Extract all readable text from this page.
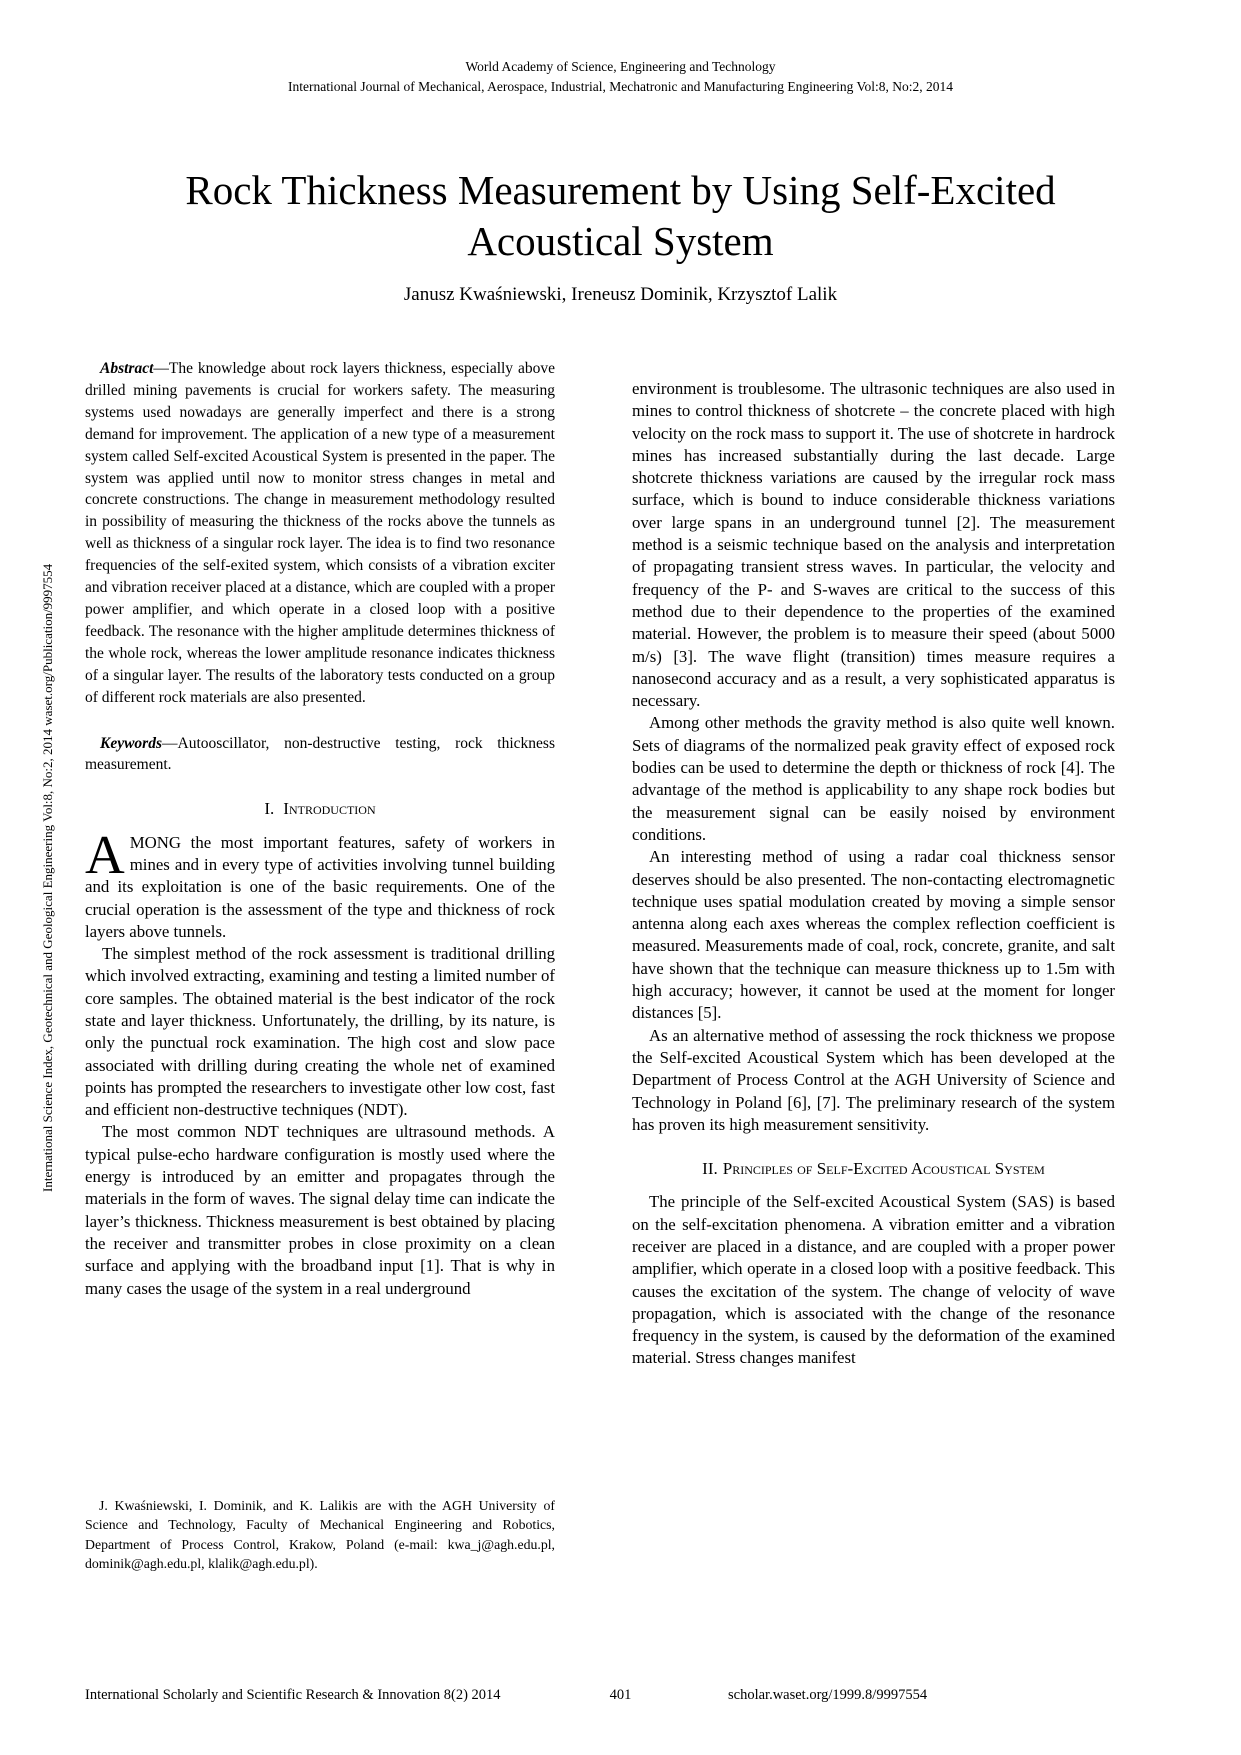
World Academy of Science, Engineering and Technology
International Journal of Mechanical, Aerospace, Industrial, Mechatronic and Manufacturing Engineering Vol:8, No:2, 2014
Rock Thickness Measurement by Using Self-Excited Acoustical System
Janusz Kwaśniewski, Ireneusz Dominik, Krzysztof Lalik

Abstract—The knowledge about rock layers thickness, especially above drilled mining pavements is crucial for workers safety. The measuring systems used nowadays are generally imperfect and there is a strong demand for improvement. The application of a new type of a measurement system called Self-excited Acoustical System is presented in the paper. The system was applied until now to monitor stress changes in metal and concrete constructions. The change in measurement methodology resulted in possibility of measuring the thickness of the rocks above the tunnels as well as thickness of a singular rock layer. The idea is to find two resonance frequencies of the self-exited system, which consists of a vibration exciter and vibration receiver placed at a distance, which are coupled with a proper power amplifier, and which operate in a closed loop with a positive feedback. The resonance with the higher amplitude determines thickness of the whole rock, whereas the lower amplitude resonance indicates thickness of a singular layer. The results of the laboratory tests conducted on a group of different rock materials are also presented.

Keywords—Autooscillator, non-destructive testing, rock thickness measurement.

I. Introduction

AMONG the most important features, safety of workers in mines and in every type of activities involving tunnel building and its exploitation is one of the basic requirements. One of the crucial operation is the assessment of the type and thickness of rock layers above tunnels.

The simplest method of the rock assessment is traditional drilling which involved extracting, examining and testing a limited number of core samples. The obtained material is the best indicator of the rock state and layer thickness. Unfortunately, the drilling, by its nature, is only the punctual rock examination. The high cost and slow pace associated with drilling during creating the whole net of examined points has prompted the researchers to investigate other low cost, fast and efficient non-destructive techniques (NDT).

The most common NDT techniques are ultrasound methods. A typical pulse-echo hardware configuration is mostly used where the energy is introduced by an emitter and propagates through the materials in the form of waves. The signal delay time can indicate the layer’s thickness. Thickness measurement is best obtained by placing the receiver and transmitter probes in close proximity on a clean surface and applying with the broadband input [1]. That is why in many cases the usage of the system in a real underground

J. Kwaśniewski, I. Dominik, and K. Lalikis are with the AGH University of Science and Technology, Faculty of Mechanical Engineering and Robotics, Department of Process Control, Krakow, Poland (e-mail: kwa_j@agh.edu.pl, dominik@agh.edu.pl, klalik@agh.edu.pl).

environment is troublesome. The ultrasonic techniques are also used in mines to control thickness of shotcrete – the concrete placed with high velocity on the rock mass to support it. The use of shotcrete in hardrock mines has increased substantially during the last decade. Large shotcrete thickness variations are caused by the irregular rock mass surface, which is bound to induce considerable thickness variations over large spans in an underground tunnel [2]. The measurement method is a seismic technique based on the analysis and interpretation of propagating transient stress waves. In particular, the velocity and frequency of the P- and S-waves are critical to the success of this method due to their dependence to the properties of the examined material. However, the problem is to measure their speed (about 5000 m/s) [3]. The wave flight (transition) times measure requires a nanosecond accuracy and as a result, a very sophisticated apparatus is necessary.

Among other methods the gravity method is also quite well known. Sets of diagrams of the normalized peak gravity effect of exposed rock bodies can be used to determine the depth or thickness of rock [4]. The advantage of the method is applicability to any shape rock bodies but the measurement signal can be easily noised by environment conditions.

An interesting method of using a radar coal thickness sensor deserves should be also presented. The non-contacting electromagnetic technique uses spatial modulation created by moving a simple sensor antenna along each axes whereas the complex reflection coefficient is measured. Measurements made of coal, rock, concrete, granite, and salt have shown that the technique can measure thickness up to 1.5m with high accuracy; however, it cannot be used at the moment for longer distances [5].

As an alternative method of assessing the rock thickness we propose the Self-excited Acoustical System which has been developed at the Department of Process Control at the AGH University of Science and Technology in Poland [6], [7]. The preliminary research of the system has proven its high measurement sensitivity.

II. Principles of Self-Excited Acoustical System

The principle of the Self-excited Acoustical System (SAS) is based on the self-excitation phenomena. A vibration emitter and a vibration receiver are placed in a distance, and are coupled with a proper power amplifier, which operate in a closed loop with a positive feedback. This causes the excitation of the system. The change of velocity of wave propagation, which is associated with the change of the resonance frequency in the system, is caused by the deformation of the examined material. Stress changes manifest

International Science Index, Geotechnical and Geological Engineering Vol:8, No:2, 2014 waset.org/Publication/9997554
International Scholarly and Scientific Research & Innovation 8(2) 2014	401	scholar.waset.org/1999.8/9997554
